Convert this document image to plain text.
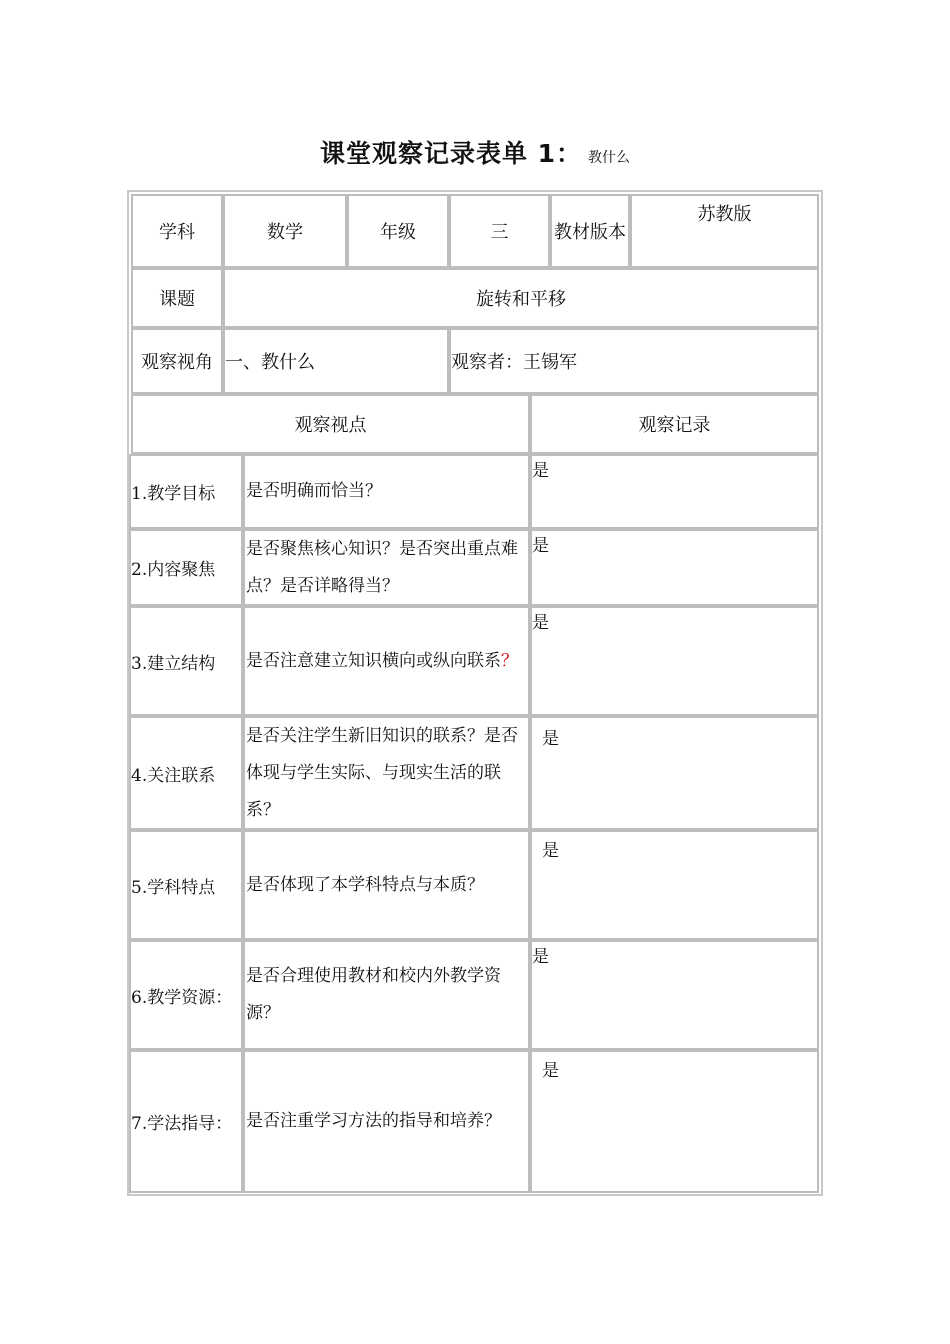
课堂观察记录表单 1： 教什么
学科	数学	年级	三	教材版本
苏教版
课题	旋转和平移
观察视角 一、教什么	观察者：王锡军
观察视点	观察记录
1.教学目标	是否明确而恰当？
是
2.内容聚焦
是否聚焦核心知识？是否突出重点难点？是否详略得当？
是
3.建立结构	是否注意建立知识横向或纵向联系 ？
是
4.关注联系
是否关注学生新旧知识的联系？是否体现与学生实际、与现实生活的联系？
是
5.学科特点	是否体现了本学科特点与本质？
是
6.教学资源：
是否合理使用教材和校内外教学资源？
是
7.学法指导： 是否注重学习方法的指导和培养？
是
